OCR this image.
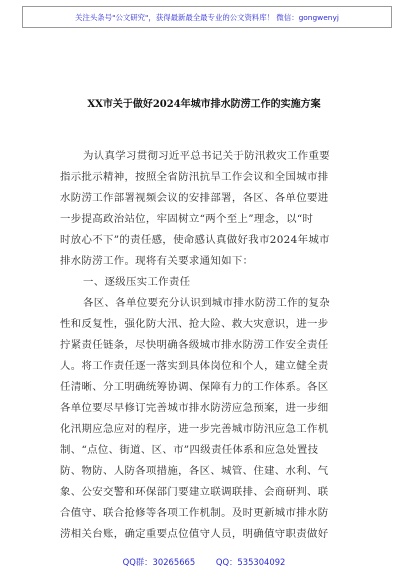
关注头条号"公文研究"，获得最新最全最专业的公文资料库！ 微信：gongwenyj
XX市关于做好2024年城市排水防涝工作的实施方案
为认真学习贯彻习近平总书记关于防汛救灾工作重要
指示批示精神，按照全省防汛抗旱工作会议和全国城市排
水防涝工作部署视频会议的安排部署，各区、各单位要进
一步提高政治站位，牢固树立“两个至上”理念，以“时
时放心不下”的责任感，使命感认真做好我市2024年城市
排水防涝工作。现将有关要求通知如下：
一、逐级压实工作责任
各区、各单位要充分认识到城市排水防涝工作的复杂
性和反复性，强化防大汛、抢大险、救大灾意识，进一步
拧紧责任链条，尽快明确各级城市排水防涝工作安全责任
人。将工作责任逐一落实到具体岗位和个人，建立健全责
任清晰、分工明确统筹协调、保障有力的工作体系。各区
各单位要尽早修订完善城市排水防涝应急预案，进一步细
化汛期应急应对的程序，进一步完善城市防汛应急工作机
制、“点位、街道、区、市”四级责任体系和应急处置技
防、物防、人防各项措施，各区、城管、住建、水利、气
象、公安交警和环保部门要建立联调联排、会商研判、联
合值守、联合抢修等各项工作机制。及时更新城市排水防
涝相关台账，确定重要点位值守人员，明确值守职责做好
QQ群：30265665 QQ：535304092
